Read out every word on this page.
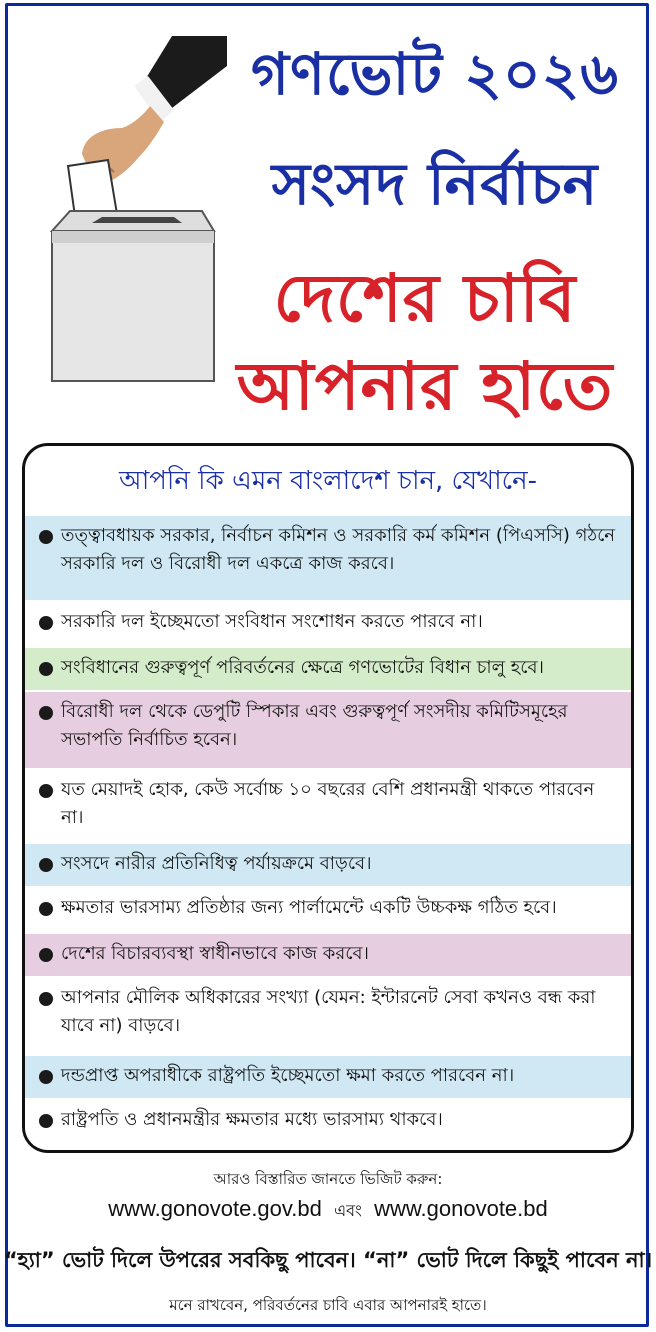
গণভোট ২০২৬
সংসদ নির্বাচন
দেশের চাবি
আপনার হাতে
আপনি কি এমন বাংলাদেশ চান, যেখানে-
তত্ত্বাবধায়ক সরকার, নির্বাচন কমিশন ও সরকারি কর্ম কমিশন (পিএসসি) গঠনে সরকারি দল ও বিরোধী দল একত্রে কাজ করবে।
সরকারি দল ইচ্ছেমতো সংবিধান সংশোধন করতে পারবে না।
সংবিধানের গুরুত্বপূর্ণ পরিবর্তনের ক্ষেত্রে গণভোটের বিধান চালু হবে।
বিরোধী দল থেকে ডেপুটি স্পিকার এবং গুরুত্বপূর্ণ সংসদীয় কমিটিসমূহের সভাপতি নির্বাচিত হবেন।
যত মেয়াদই হোক, কেউ সর্বোচ্চ ১০ বছরের বেশি প্রধানমন্ত্রী থাকতে পারবেন না।
সংসদে নারীর প্রতিনিধিত্ব পর্যায়ক্রমে বাড়বে।
ক্ষমতার ভারসাম্য প্রতিষ্ঠার জন্য পার্লামেন্টে একটি উচ্চকক্ষ গঠিত হবে।
দেশের বিচারব্যবস্থা স্বাধীনভাবে কাজ করবে।
আপনার মৌলিক অধিকারের সংখ্যা (যেমন: ইন্টারনেট সেবা কখনও বন্ধ করা যাবে না) বাড়বে।
দন্ডপ্রাপ্ত অপরাধীকে রাষ্ট্রপতি ইচ্ছেমতো ক্ষমা করতে পারবেন না।
রাষ্ট্রপতি ও প্রধানমন্ত্রীর ক্ষমতার মধ্যে ভারসাম্য থাকবে।
আরও বিস্তারিত জানতে ভিজিট করুন:
www.gonovote.gov.bd এবং www.gonovote.bd
“হ্যা” ভোট দিলে উপরের সবকিছু পাবেন। “না” ভোট দিলে কিছুই পাবেন না।
মনে রাখবেন, পরিবর্তনের চাবি এবার আপনারই হাতে।
